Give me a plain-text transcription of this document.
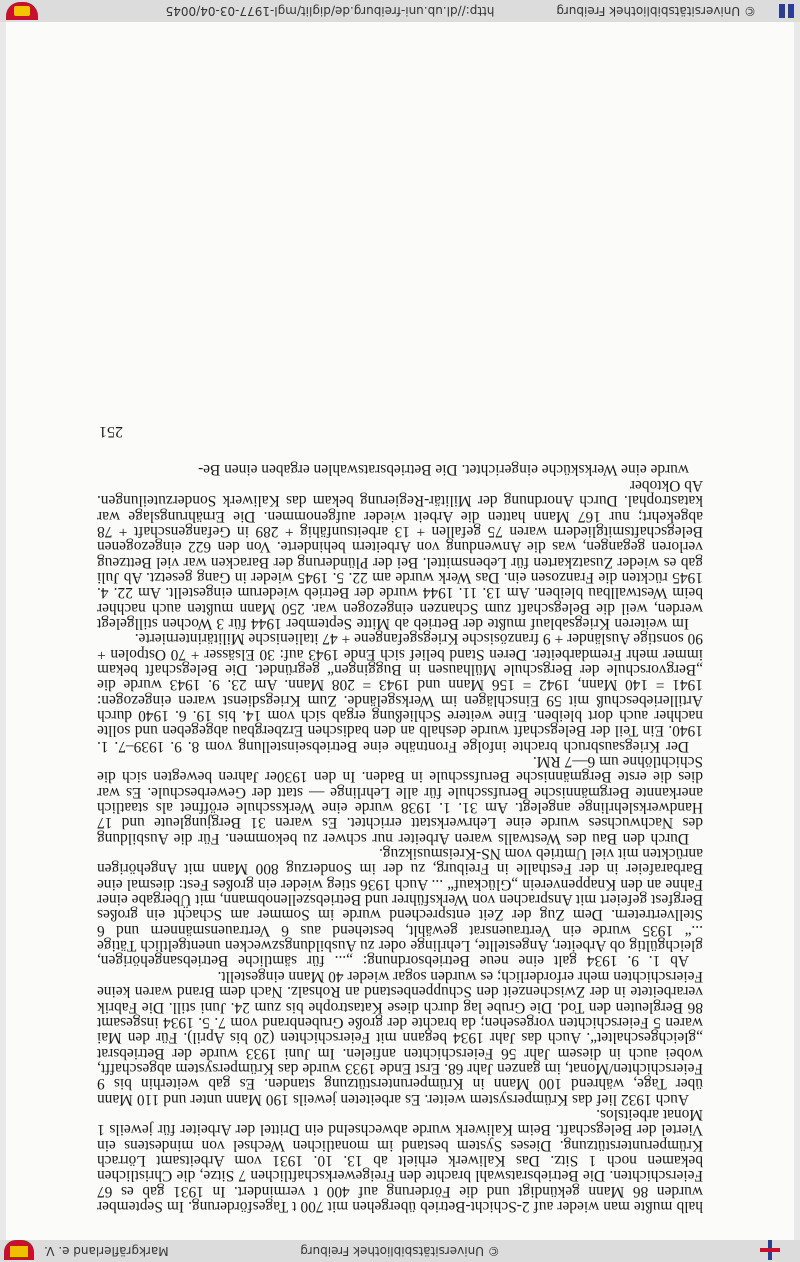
© Universitätsbibliothek Freiburg
Markgräflerland e. V.

halb mußte man wieder auf 2-Schicht-Betrieb übergehen mit 700 t Tagesförderung. Im September wurden 86 Mann gekündigt und die Förderung auf 400 t vermindert. In 1931 gab es 67 Feierschichten. Die Betriebsratswahl brachte den Freigewerkschaftlichen 7 Sitze, die Christlichen bekamen noch 1 Sitz. Das Kaliwerk erhielt ab 13. 10. 1931 vom Arbeitsamt Lörrach Krümperunterstützung. Dieses System bestand im monatlichen Wechsel von mindestens ein Viertel der Belegschaft. Beim Kaliwerk wurde abwechselnd ein Drittel der Arbeiter für jeweils 1 Monat arbeitslos.

Auch 1932 lief das Krümpersystem weiter. Es arbeiteten jeweils 190 Mann unter und 110 Mann über Tage, während 100 Mann in Krümperunterstützung standen. Es gab weiterhin bis 9 Feierschichten/Monat, im ganzen Jahr 68. Erst Ende 1933 wurde das Krümpersystem abgeschafft, wobei auch in diesem Jahr 56 Feierschichten anfielen. Im Juni 1933 wurde der Betriebsrat „gleichgeschaltet“. Auch das Jahr 1934 begann mit Feierschichten (20 bis April). Für den Mai waren 5 Feierschichten vorgesehen; da brachte der große Grubenbrand vom 7. 5. 1934 insgesamt 86 Bergleuten den Tod. Die Grube lag durch diese Katastrophe bis zum 24. Juni still. Die Fabrik verarbeitete in der Zwischenzeit den Schuppenbestand an Rohsalz. Nach dem Brand waren keine Feierschichten mehr erforderlich; es wurden sogar wieder 40 Mann eingestellt.

Ab 1. 9. 1934 galt eine neue Betriebsordnung: „... für sämtliche Betriebsangehörigen, gleichgültig ob Arbeiter, Angestellte, Lehrlinge oder zu Ausbildungszwecken unentgeltlich Tätige ...“ 1935 wurde ein Vertrauensrat gewählt, bestehend aus 6 Vertrauensmännern und 6 Stellvertretern. Dem Zug der Zeit entsprechend wurde im Sommer am Schacht ein großes Bergfest gefeiert mit Ansprachen von Werksführer und Betriebszellenobmann, mit Übergabe einer Fahne an den Knappenverein „Glückauf“ ... Auch 1936 stieg wieder ein großes Fest: diesmal eine Barbarafeier in der Festhalle in Freiburg, zu der im Sonderzug 800 Mann mit Angehörigen anrückten mit viel Umtrieb vom NS-Kreismusikzug.

Durch den Bau des Westwalls waren Arbeiter nur schwer zu bekommen. Für die Ausbildung des Nachwuchses wurde eine Lehrwerkstatt errichtet. Es waren 31 Bergjungleute und 17 Handwerkslehrlinge angelegt. Am 31. 1. 1938 wurde eine Werksschule eröffnet als staatlich anerkannte Bergmännische Berufsschule für alle Lehrlinge — statt der Gewerbeschule. Es war dies die erste Bergmännische Berufsschule in Baden. In den 1930er Jahren bewegten sich die Schichtlöhne um 6—7 RM.

Der Kriegsausbruch brachte infolge Frontnähe eine Betriebseinstellung vom 8. 9. 1939–7. 1. 1940. Ein Teil der Belegschaft wurde deshalb an den badischen Erzbergbau abgegeben und sollte nachher auch dort bleiben. Eine weitere Schließung ergab sich vom 14. bis 19. 6. 1940 durch Artilleriebeschuß mit 59 Einschlägen im Werksgelände. Zum Kriegsdienst waren eingezogen: 1941 = 140 Mann, 1942 = 156 Mann und 1943 = 208 Mann. Am 23. 9. 1943 wurde die „Bergvorschule der Bergschule Mülhausen in Buggingen“ gegründet. Die Belegschaft bekam immer mehr Fremdarbeiter. Deren Stand belief sich Ende 1943 auf: 30 Elsässer + 70 Ostpolen + 90 sonstige Ausländer + 9 französische Kriegsgefangene + 47 italienische Militärinternierte.

Im weiteren Kriegsablauf mußte der Betrieb ab Mitte September 1944 für 3 Wochen stillgelegt werden, weil die Belegschaft zum Schanzen eingezogen war. 250 Mann mußten auch nachher beim Westwallbau bleiben. Am 13. 11. 1944 wurde der Betrieb wiederum eingestellt. Am 22. 4. 1945 rückten die Franzosen ein. Das Werk wurde am 22. 5. 1945 wieder in Gang gesetzt. Ab Juli gab es wieder Zusatzkarten für Lebensmittel. Bei der Plünderung der Baracken war viel Bettzeug verloren gegangen, was die Anwendung von Arbeitern behinderte. Von den 622 eingezogenen Belegschaftsmitgliedern waren 75 gefallen + 13 arbeitsunfähig + 289 in Gefangenschaft + 78 abgekehrt; nur 167 Mann hatten die Arbeit wieder aufgenommen. Die Ernährungslage war katastrophal. Durch Anordnung der Militär-Regierung bekam das Kaliwerk Sonderzuteilungen. Ab Oktober

wurde eine Werksküche eingerichtet. Die Betriebsratswahlen ergaben einen Be-

251
© Universitätsbibliothek Freiburg
http://dl.ub.uni-freiburg.de/diglit/mgl-1977-03-04/0045
